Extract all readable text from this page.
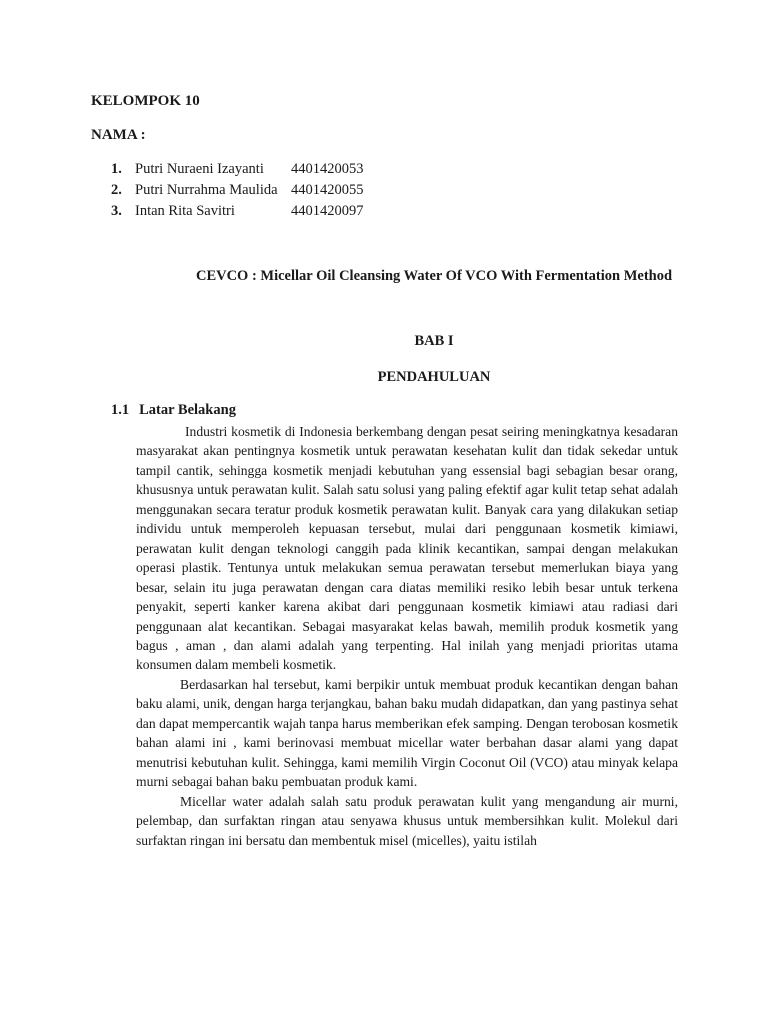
KELOMPOK 10
NAMA :
1. Putri Nuraeni Izayanti	4401420053
2. Putri Nurrahma Maulida 4401420055
3. Intan Rita Savitri	4401420097
CEVCO : Micellar Oil Cleansing Water Of VCO With Fermentation Method
BAB I
PENDAHULUAN
1.1 Latar Belakang

Industri kosmetik di Indonesia berkembang dengan pesat seiring meningkatnya kesadaran masyarakat akan pentingnya kosmetik untuk perawatan kesehatan kulit dan tidak sekedar untuk tampil cantik, sehingga kosmetik menjadi kebutuhan yang essensial bagi sebagian besar orang, khususnya untuk perawatan kulit. Salah satu solusi yang paling efektif agar kulit tetap sehat adalah menggunakan secara teratur produk kosmetik perawatan kulit. Banyak cara yang dilakukan setiap individu untuk memperoleh kepuasan tersebut, mulai dari penggunaan kosmetik kimiawi, perawatan kulit dengan teknologi canggih pada klinik kecantikan, sampai dengan melakukan operasi plastik. Tentunya untuk melakukan semua perawatan tersebut memerlukan biaya yang besar, selain itu juga perawatan dengan cara diatas memiliki resiko lebih besar untuk terkena penyakit, seperti kanker karena akibat dari penggunaan kosmetik kimiawi atau radiasi dari penggunaan alat kecantikan. Sebagai masyarakat kelas bawah, memilih produk kosmetik yang bagus , aman , dan alami adalah yang terpenting. Hal inilah yang menjadi prioritas utama konsumen dalam membeli kosmetik.

Berdasarkan hal tersebut, kami berpikir untuk membuat produk kecantikan dengan bahan baku alami, unik, dengan harga terjangkau, bahan baku mudah didapatkan, dan yang pastinya sehat dan dapat mempercantik wajah tanpa harus memberikan efek samping. Dengan terobosan kosmetik bahan alami ini , kami berinovasi membuat micellar water berbahan dasar alami yang dapat menutrisi kebutuhan kulit. Sehingga, kami memilih Virgin Coconut Oil (VCO) atau minyak kelapa murni sebagai bahan baku pembuatan produk kami.

Micellar water adalah salah satu produk perawatan kulit yang mengandung air murni, pelembap, dan surfaktan ringan atau senyawa khusus untuk membersihkan kulit. Molekul dari surfaktan ringan ini bersatu dan membentuk misel (micelles), yaitu istilah
